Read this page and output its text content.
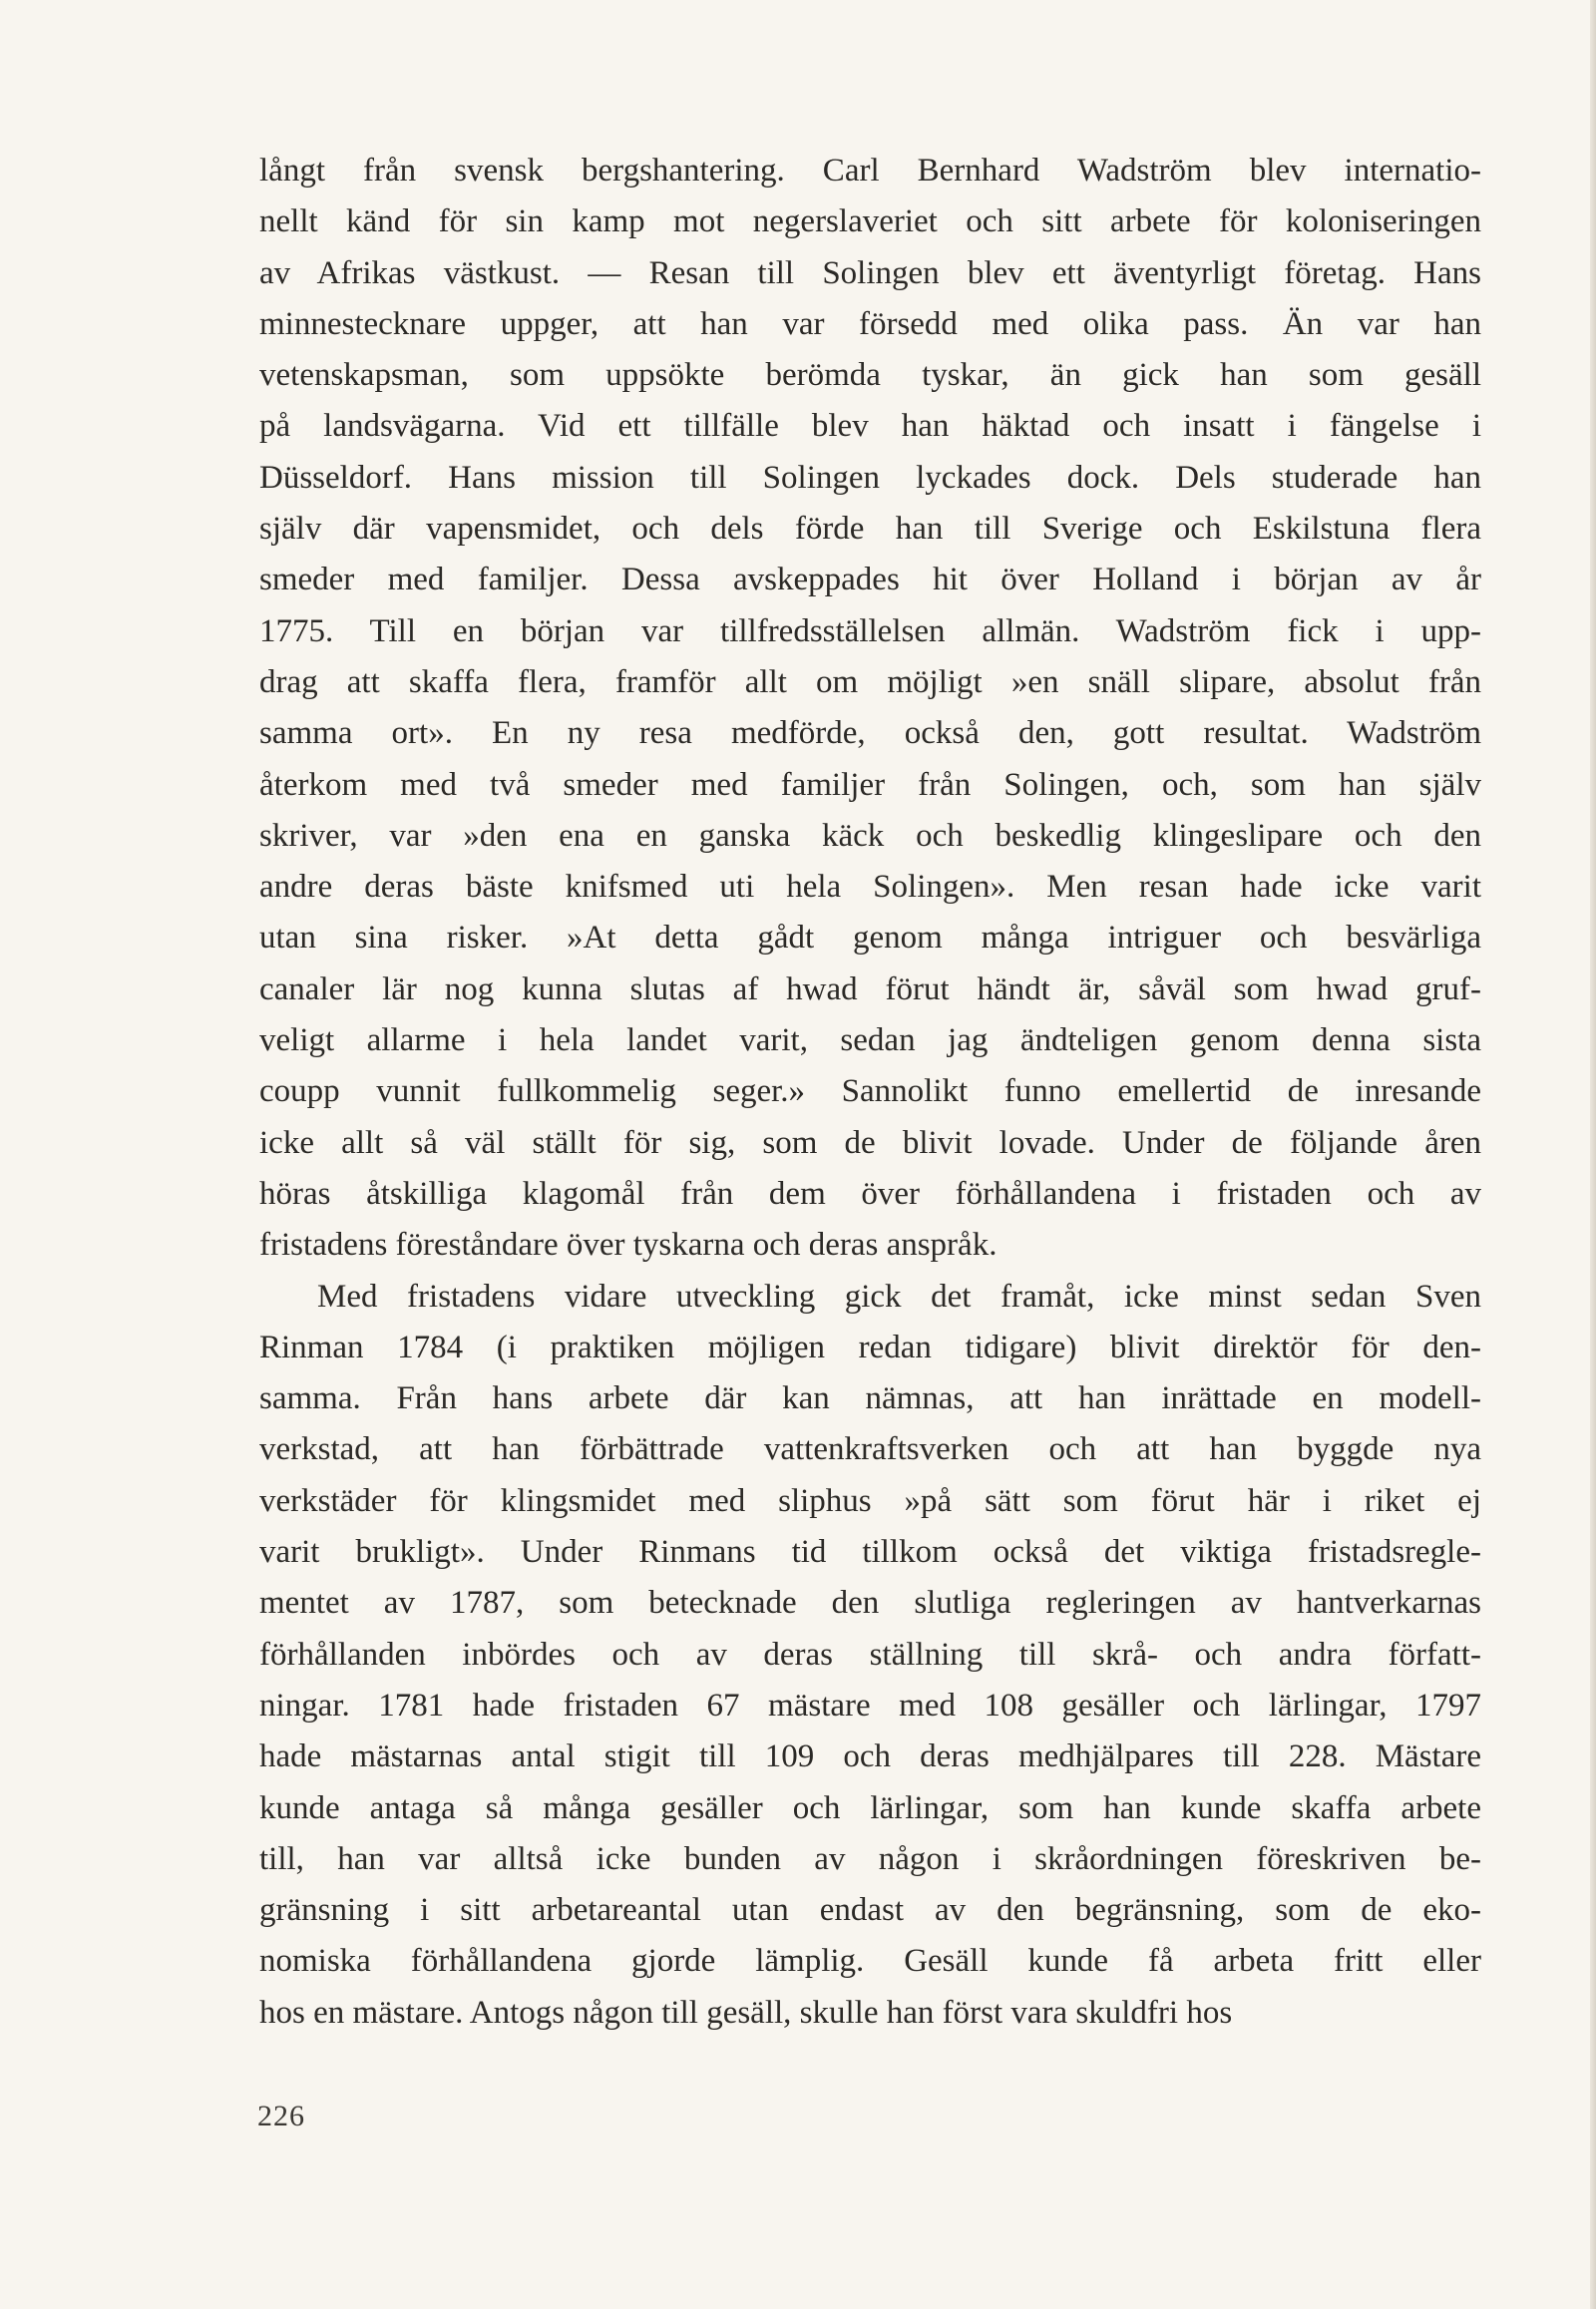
långt från svensk bergshantering. Carl Bernhard Wadström blev internatio-
nellt känd för sin kamp mot negerslaveriet och sitt arbete för koloniseringen
av Afrikas västkust. — Resan till Solingen blev ett äventyrligt företag. Hans
minnestecknare uppger, att han var försedd med olika pass. Än var han
vetenskapsman, som uppsökte berömda tyskar, än gick han som gesäll
på landsvägarna. Vid ett tillfälle blev han häktad och insatt i fängelse i
Düsseldorf. Hans mission till Solingen lyckades dock. Dels studerade han
själv där vapensmidet, och dels förde han till Sverige och Eskilstuna flera
smeder med familjer. Dessa avskeppades hit över Holland i början av år
1775. Till en början var tillfredsställelsen allmän. Wadström fick i upp-
drag att skaffa flera, framför allt om möjligt »en snäll slipare, absolut från
samma ort». En ny resa medförde, också den, gott resultat. Wadström
återkom med två smeder med familjer från Solingen, och, som han själv
skriver, var »den ena en ganska käck och beskedlig klingeslipare och den
andre deras bäste knifsmed uti hela Solingen». Men resan hade icke varit
utan sina risker. »At detta gådt genom många intriguer och besvärliga
canaler lär nog kunna slutas af hwad förut händt är, såväl som hwad gruf-
veligt allarme i hela landet varit, sedan jag ändteligen genom denna sista
coupp vunnit fullkommelig seger.» Sannolikt funno emellertid de inresande
icke allt så väl ställt för sig, som de blivit lovade. Under de följande åren
höras åtskilliga klagomål från dem över förhållandena i fristaden och av
fristadens föreståndare över tyskarna och deras anspråk.
Med fristadens vidare utveckling gick det framåt, icke minst sedan Sven
Rinman 1784 (i praktiken möjligen redan tidigare) blivit direktör för den-
samma. Från hans arbete där kan nämnas, att han inrättade en modell-
verkstad, att han förbättrade vattenkraftsverken och att han byggde nya
verkstäder för klingsmidet med sliphus »på sätt som förut här i riket ej
varit brukligt». Under Rinmans tid tillkom också det viktiga fristadsregle-
mentet av 1787, som betecknade den slutliga regleringen av hantverkarnas
förhållanden inbördes och av deras ställning till skrå- och andra författ-
ningar. 1781 hade fristaden 67 mästare med 108 gesäller och lärlingar, 1797
hade mästarnas antal stigit till 109 och deras medhjälpares till 228. Mästare
kunde antaga så många gesäller och lärlingar, som han kunde skaffa arbete
till, han var alltså icke bunden av någon i skråordningen föreskriven be-
gränsning i sitt arbetareantal utan endast av den begränsning, som de eko-
nomiska förhållandena gjorde lämplig. Gesäll kunde få arbeta fritt eller
hos en mästare. Antogs någon till gesäll, skulle han först vara skuldfri hos
226
